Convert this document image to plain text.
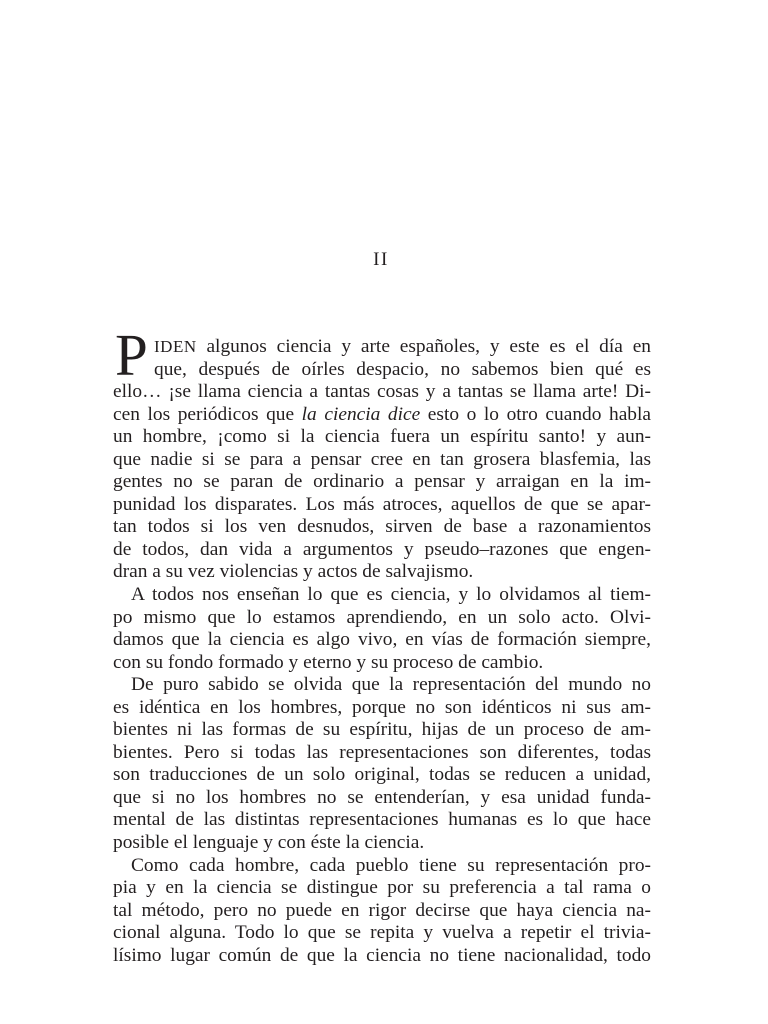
II
P IDEN algunos ciencia y arte españoles, y este es el día en
que, después de oírles despacio, no sabemos bien qué es
ello… ¡se llama ciencia a tantas cosas y a tantas se llama arte! Di-
cen los periódicos que la ciencia dice esto o lo otro cuando habla
un hombre, ¡como si la ciencia fuera un espíritu santo! y aun-
que nadie si se para a pensar cree en tan grosera blasfemia, las
gentes no se paran de ordinario a pensar y arraigan en la im-
punidad los disparates. Los más atroces, aquellos de que se apar-
tan todos si los ven desnudos, sirven de base a razonamientos
de todos, dan vida a argumentos y pseudo–razones que engen-
dran a su vez violencias y actos de salvajismo.
A todos nos enseñan lo que es ciencia, y lo olvidamos al tiem-
po mismo que lo estamos aprendiendo, en un solo acto. Olvi-
damos que la ciencia es algo vivo, en vías de formación siempre,
con su fondo formado y eterno y su proceso de cambio.
De puro sabido se olvida que la representación del mundo no
es idéntica en los hombres, porque no son idénticos ni sus am-
bientes ni las formas de su espíritu, hijas de un proceso de am-
bientes. Pero si todas las representaciones son diferentes, todas
son traducciones de un solo original, todas se reducen a unidad,
que si no los hombres no se entenderían, y esa unidad funda-
mental de las distintas representaciones humanas es lo que hace
posible el lenguaje y con éste la ciencia.
Como cada hombre, cada pueblo tiene su representación pro-
pia y en la ciencia se distingue por su preferencia a tal rama o
tal método, pero no puede en rigor decirse que haya ciencia na-
cional alguna. Todo lo que se repita y vuelva a repetir el trivia-
lísimo lugar común de que la ciencia no tiene nacionalidad, todo
